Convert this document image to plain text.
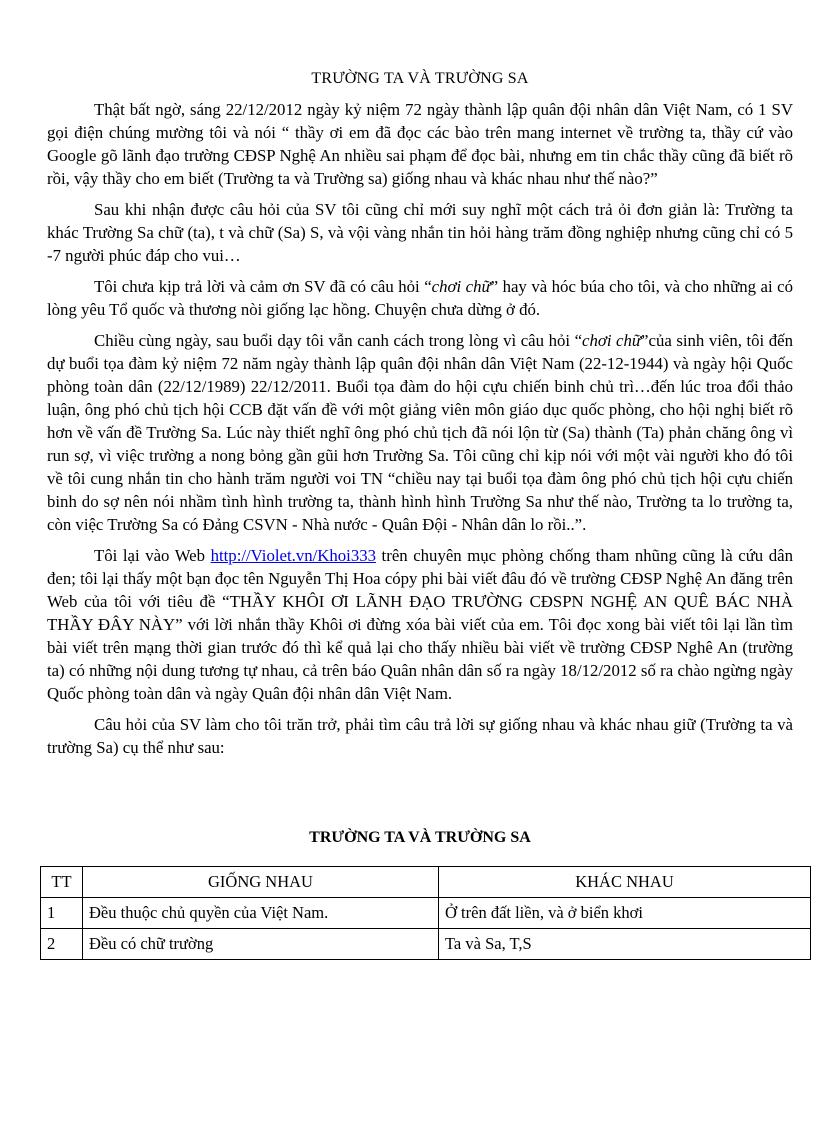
TRƯỜNG TA VÀ TRƯỜNG SA

Thật bất ngờ, sáng 22/12/2012 ngày kỷ niệm 72 ngày thành lập quân đội nhân dân Việt Nam, có 1 SV gọi điện chúng mường tôi và nói “ thầy ơi em đã đọc các bào trên mang internet về trường ta, thầy cứ vào Google gõ lãnh đạo trường CĐSP Nghệ An nhiều sai phạm để đọc bài, nhưng em tin chắc thầy cũng đã biết rõ rồi, vậy thầy cho em biết (Trường ta và Trường sa) giống nhau và khác nhau như thế nào?”

Sau khi nhận được câu hỏi của SV tôi cũng chỉ mới suy nghĩ một cách trả ỏi đơn giản là: Trường ta khác Trường Sa chữ (ta), t và chữ (Sa) S, và vội vàng nhắn tin hỏi hàng trăm đồng nghiệp nhưng cũng chỉ có 5 -7 người phúc đáp cho vui…

Tôi chưa kịp trả lời và cảm ơn SV đã có câu hỏi “chơi chữ” hay và hóc búa cho tôi, và cho những ai có lòng yêu Tổ quốc và thương nòi giống lạc hồng. Chuyện chưa dừng ở đó.

Chiều cùng ngày, sau buổi dạy tôi vẫn canh cách trong lòng vì câu hỏi “chơi chữ”của sinh viên, tôi đến dự buổi tọa đàm kỷ niệm 72 năm ngày thành lập quân đội nhân dân Việt Nam (22-12-1944) và ngày hội Quốc phòng toàn dân (22/12/1989) 22/12/2011. Buổi tọa đàm do hội cựu chiến binh chủ trì…đến lúc troa đổi thảo luận, ông phó chủ tịch hội CCB đặt vấn đề với một giảng viên môn giáo dục quốc phòng, cho hội nghị biết rõ hơn về vấn đề Trường Sa. Lúc này thiết nghĩ ông phó chủ tịch đã nói lộn từ (Sa) thành (Ta) phản chăng ông vì run sợ, vì việc trường a nong bỏng gần gũi hơn Trường Sa. Tôi cũng chỉ kịp nói với một vài người kho đó tôi về tôi cung nhắn tin cho hành trăm người voi TN “chiều nay tại buổi tọa đàm ông phó chủ tịch hội cựu chiến binh do sợ nên nói nhầm tình hình trường ta, thành hình hình Trường Sa như thế nào, Trường ta lo trường ta, còn việc Trường Sa có Đảng CSVN - Nhà nước - Quân Đội - Nhân dân lo rồi..”.

Tôi lại vào Web http://Violet.vn/Khoi333 trên chuyên mục phòng chống tham nhũng cũng là cứu dân đen; tôi lại thấy một bạn đọc tên Nguyễn Thị Hoa cópy phi bài viết đâu đó về trường CĐSP Nghệ An đăng trên Web của tôi với tiêu đề “THẦY KHÔI ƠI LÃNH ĐẠO TRƯỜNG CĐSPN NGHỆ AN QUÊ BÁC NHÀ THẦY ĐÂY NÀY” với lời nhắn thầy Khôi ơi đừng xóa bài viết của em. Tôi đọc xong bài viết tôi lại lần tìm bài viết trên mạng thời gian trước đó thì kể quả lại cho thấy nhiều bài viết về trường CĐSP Nghê An (trường ta) có những nội dung tương tự nhau, cả trên báo Quân nhân dân số ra ngày 18/12/2012 số ra chào ngừng ngày Quốc phòng toàn dân và ngày Quân đội nhân dân Việt Nam.

Câu hỏi của SV làm cho tôi trăn trở, phải tìm câu trả lời sự giống nhau và khác nhau giữ (Trường ta và trường Sa) cụ thể như sau:

TRƯỜNG TA VÀ TRƯỜNG SA
TT	GIỐNG NHAU	KHÁC NHAU
1	Đều thuộc chủ quyền của Việt Nam.	Ở trên đất liền, và ở biển khơi
2	Đều có chữ trường	Ta và Sa, T,S
